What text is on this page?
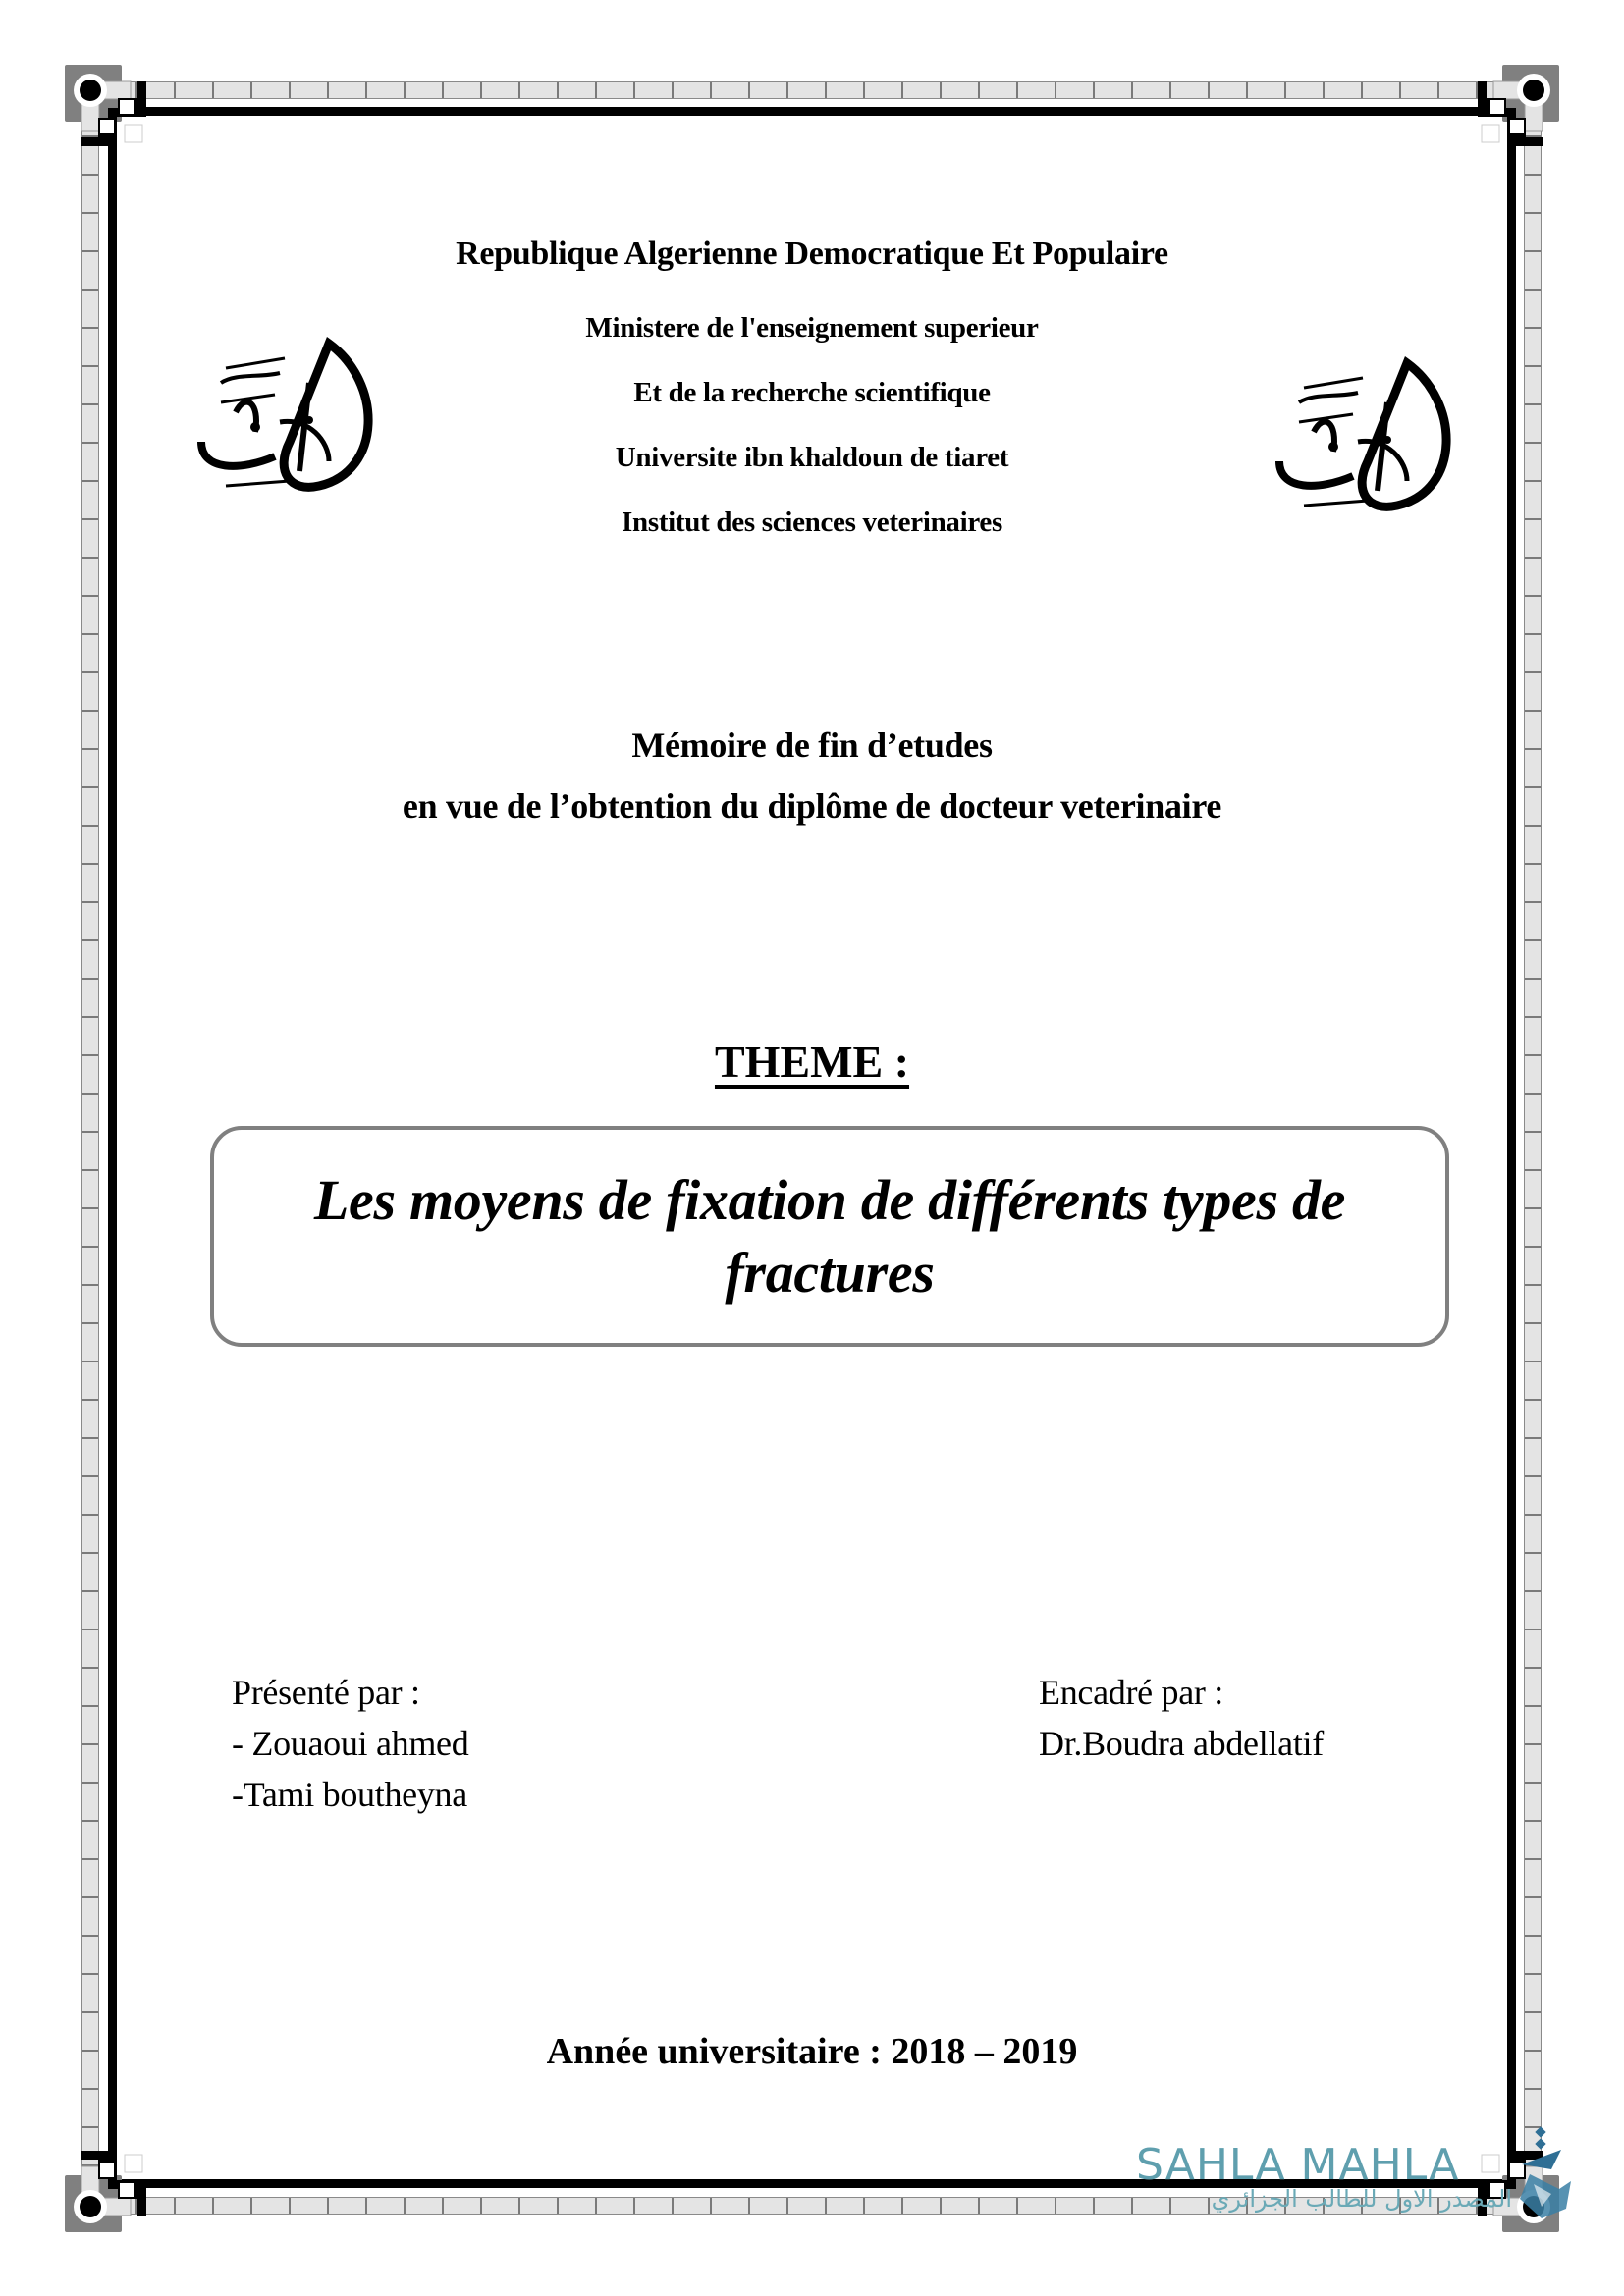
Republique Algerienne Democratique Et Populaire
Ministere de l'enseignement superieur
Et de la recherche scientifique
Universite ibn khaldoun de tiaret
Institut des sciences veterinaires
Mémoire de fin d’etudes
en vue de l’obtention du diplôme de docteur veterinaire
THEME :
Les moyens de fixation de différents types de fractures
Présenté par :
- Zouaoui ahmed
-Tami boutheyna
Encadré par :
Dr.Boudra abdellatif
Année universitaire : 2018 – 2019
SAHLA MAHLA
المصدر الاول للطالب الجزائري
